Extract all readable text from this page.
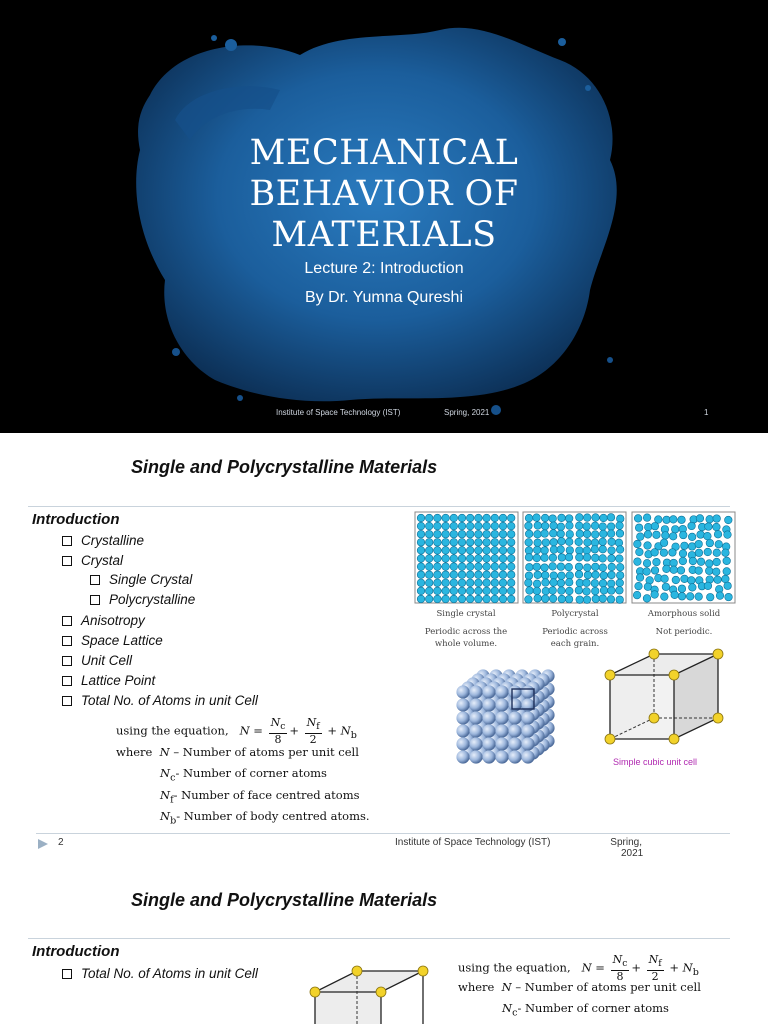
MECHANICAL
BEHAVIOR OF
MATERIALS
Lecture 2: Introduction
By Dr. Yumna Qureshi
Institute of Space Technology (IST)	Spring, 2021	1
Single and Polycrystalline Materials
Introduction
Crystalline
Crystal
Single Crystal
Polycrystalline
Anisotropy
Space Lattice
Unit Cell
Lattice Point
Total No. of Atoms in unit Cell
using the equation, $N = \frac{N_c}{8} + \frac{N_f}{2} + N_b$
where N – Number of atoms per unit cell
$N_c-$ Number of corner atoms
$N_f-$ Number of face centred atoms
$N_b-$ Number of body centred atoms.
Single crystal
Periodic across the
whole volume.
Polycrystal
Periodic across
each grain.
Amorphous solid
Not periodic.
Simple cubic unit cell
2	Institute of Space Technology (IST)	Spring,
2021
Single and Polycrystalline Materials
Introduction
Total No. of Atoms in unit Cell	using the equation, $N = \frac{N_c}{8} + \frac{N_f}{2} + N_b$
where N – Number of atoms per unit cell
$N_c-$ Number of corner atoms
